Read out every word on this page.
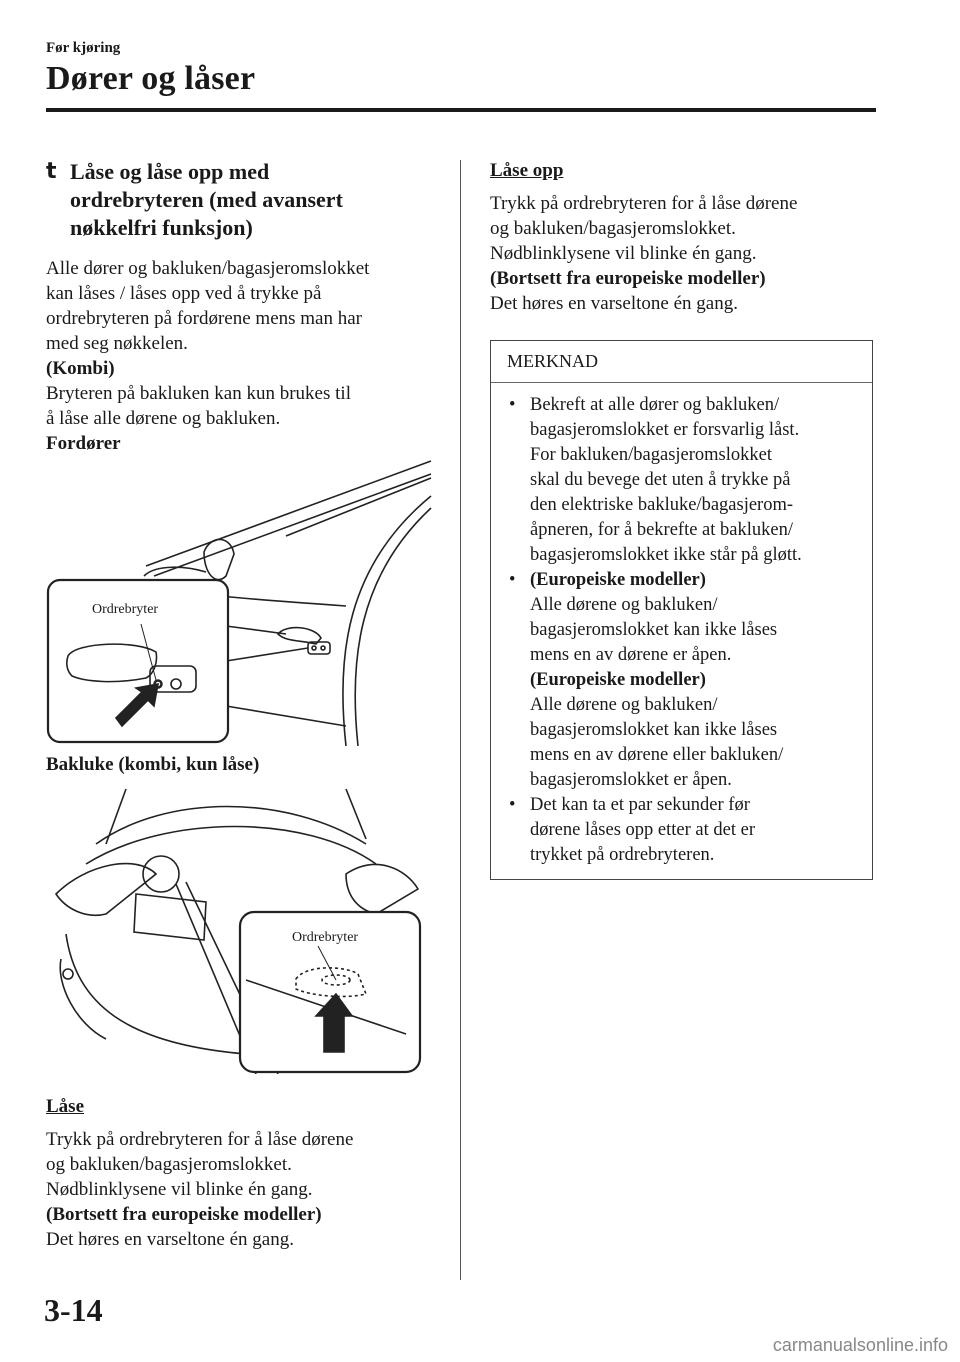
Før kjøring
Dører og låser
t Låse og låse opp med
ordrebryteren (med avansert
nøkkelfri funksjon)
Alle dører og bakluken/bagasjeromslokket
kan låses / låses opp ved å trykke på
ordrebryteren på fordørene mens man har
med seg nøkkelen.
(Kombi)
Bryteren på bakluken kan kun brukes til
å låse alle dørene og bakluken.
Fordører
Ordrebryter
Bakluke (kombi, kun låse)
Ordrebryter
Låse
Trykk på ordrebryteren for å låse dørene
og bakluken/bagasjeromslokket.
Nødblinklysene vil blinke én gang.
(Bortsett fra europeiske modeller)
Det høres en varseltone én gang.
Låse opp
Trykk på ordrebryteren for å låse dørene
og bakluken/bagasjeromslokket.
Nødblinklysene vil blinke én gang.
(Bortsett fra europeiske modeller)
Det høres en varseltone én gang.
MERKNAD
• Bekreft at alle dører og bakluken/
bagasjeromslokket er forsvarlig låst.
For bakluken/bagasjeromslokket
skal du bevege det uten å trykke på
den elektriske bakluke/bagasjerom-
åpneren, for å bekrefte at bakluken/
bagasjeromslokket ikke står på gløtt.
• (Europeiske modeller)
Alle dørene og bakluken/
bagasjeromslokket kan ikke låses
mens en av dørene er åpen.
(Europeiske modeller)
Alle dørene og bakluken/
bagasjeromslokket kan ikke låses
mens en av dørene eller bakluken/
bagasjeromslokket er åpen.
• Det kan ta et par sekunder før
dørene låses opp etter at det er
trykket på ordrebryteren.
3-14
carmanualsonline.info
